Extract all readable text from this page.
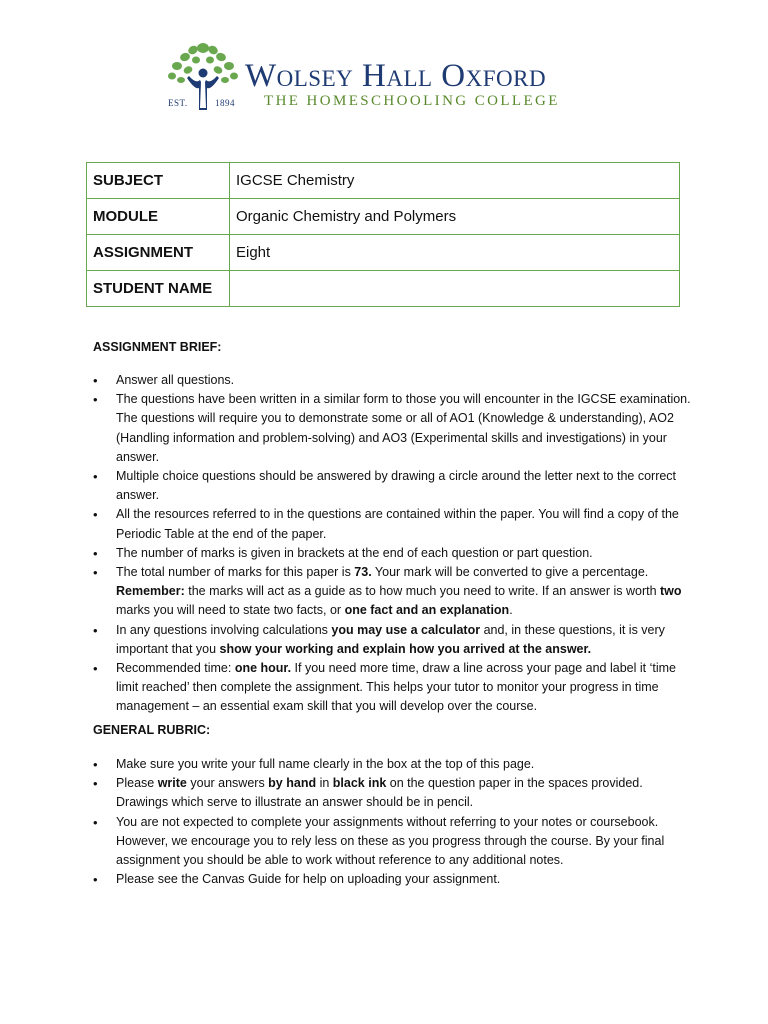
EST.	1894
Wolsey Hall Oxford
THE HOMESCHOOLING COLLEGE
SUBJECT	IGCSE Chemistry
MODULE	Organic Chemistry and Polymers
ASSIGNMENT	Eight
STUDENT NAME	
ASSIGNMENT BRIEF:
• Answer all questions.
• The questions have been written in a similar form to those you will encounter in the IGCSE examination. The questions will require you to demonstrate some or all of AO1 (Knowledge & understanding), AO2 (Handling information and problem-solving) and AO3 (Experimental skills and investigations) in your answer.
• Multiple choice questions should be answered by drawing a circle around the letter next to the correct answer.
• All the resources referred to in the questions are contained within the paper. You will find a copy of the Periodic Table at the end of the paper.
• The number of marks is given in brackets at the end of each question or part question.
• The total number of marks for this paper is 73. Your mark will be converted to give a percentage. Remember: the marks will act as a guide as to how much you need to write. If an answer is worth two marks you will need to state two facts, or one fact and an explanation.
• In any questions involving calculations you may use a calculator and, in these questions, it is very important that you show your working and explain how you arrived at the answer.
• Recommended time: one hour. If you need more time, draw a line across your page and label it ‘time limit reached’ then complete the assignment. This helps your tutor to monitor your progress in time management – an essential exam skill that you will develop over the course.
GENERAL RUBRIC:
• Make sure you write your full name clearly in the box at the top of this page.
• Please write your answers by hand in black ink on the question paper in the spaces provided. Drawings which serve to illustrate an answer should be in pencil.
• You are not expected to complete your assignments without referring to your notes or coursebook. However, we encourage you to rely less on these as you progress through the course. By your final assignment you should be able to work without reference to any additional notes.
• Please see the Canvas Guide for help on uploading your assignment.
